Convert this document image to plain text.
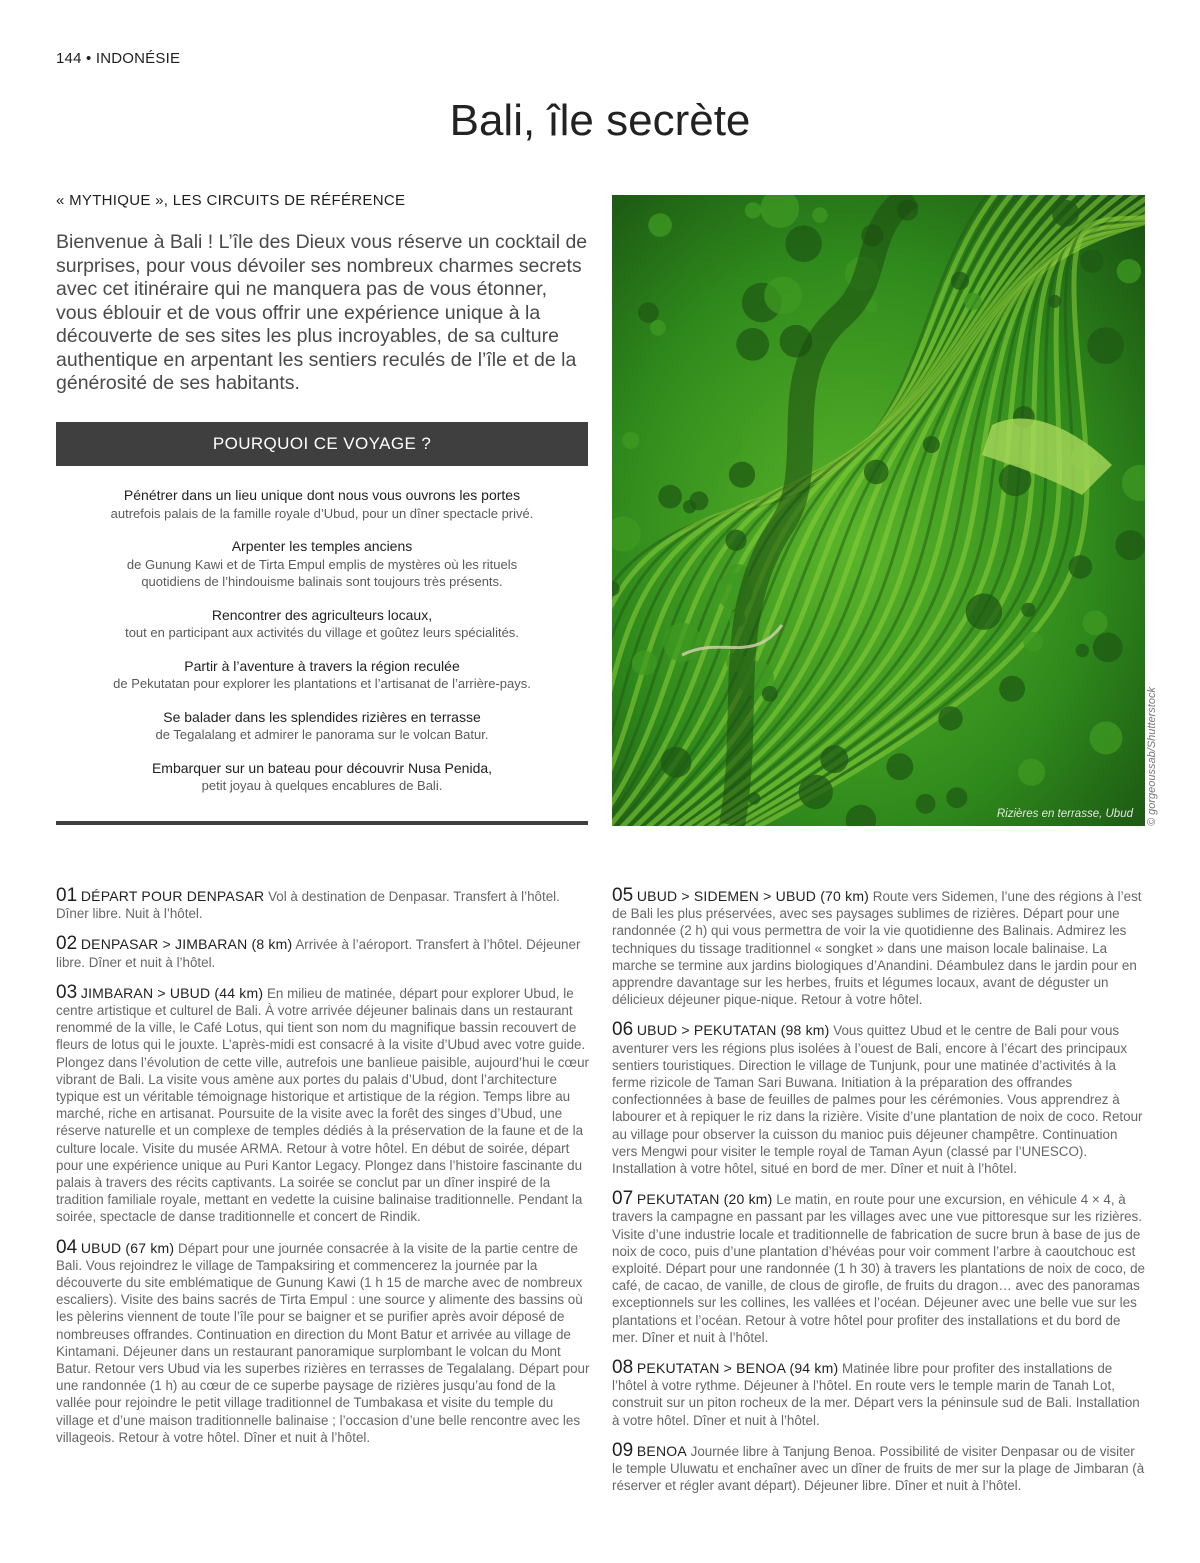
144 • INDONÉSIE
Bali, île secrète
« MYTHIQUE », LES CIRCUITS DE RÉFÉRENCE

Bienvenue à Bali ! L’île des Dieux vous réserve un cocktail de surprises, pour vous dévoiler ses nombreux charmes secrets avec cet itinéraire qui ne manquera pas de vous étonner, vous éblouir et de vous offrir une expérience unique à la découverte de ses sites les plus incroyables, de sa culture authentique en arpentant les sentiers reculés de l’île et de la générosité de ses habitants.

POURQUOI CE VOYAGE ?
Pénétrer dans un lieu unique dont nous vous ouvrons les portes
autrefois palais de la famille royale d’Ubud, pour un dîner spectacle privé.
Arpenter les temples anciens
de Gunung Kawi et de Tirta Empul emplis de mystères où les rituels quotidiens de l’hindouisme balinais sont toujours très présents.
Rencontrer des agriculteurs locaux,
tout en participant aux activités du village et goûtez leurs spécialités.
Partir à l’aventure à travers la région reculée
de Pekutatan pour explorer les plantations et l’artisanat de l’arrière-pays.
Se balader dans les splendides rizières en terrasse
de Tegalalang et admirer le panorama sur le volcan Batur.
Embarquer sur un bateau pour découvrir Nusa Penida,
petit joyau à quelques encablures de Bali.
Rizières en terrasse, Ubud © gorgeoussab/Shutterstock
01 DÉPART POUR DENPASAR Vol à destination de Denpasar. Transfert à l’hôtel. Dîner libre. Nuit à l’hôtel.
02 DENPASAR > JIMBARAN (8 km) Arrivée à l’aéroport. Transfert à l’hôtel. Déjeuner libre. Dîner et nuit à l’hôtel.
03 JIMBARAN > UBUD (44 km) En milieu de matinée, départ pour explorer Ubud, le centre artistique et culturel de Bali. À votre arrivée déjeuner balinais dans un restaurant renommé de la ville, le Café Lotus, qui tient son nom du magnifique bassin recouvert de fleurs de lotus qui le jouxte. L’après-midi est consacré à la visite d’Ubud avec votre guide. Plongez dans l’évolution de cette ville, autrefois une banlieue paisible, aujourd’hui le cœur vibrant de Bali. La visite vous amène aux portes du palais d’Ubud, dont l’architecture typique est un véritable témoignage historique et artistique de la région. Temps libre au marché, riche en artisanat. Poursuite de la visite avec la forêt des singes d’Ubud, une réserve naturelle et un complexe de temples dédiés à la préservation de la faune et de la culture locale. Visite du musée ARMA. Retour à votre hôtel. En début de soirée, départ pour une expérience unique au Puri Kantor Legacy. Plongez dans l’histoire fascinante du palais à travers des récits captivants. La soirée se conclut par un dîner inspiré de la tradition familiale royale, mettant en vedette la cuisine balinaise traditionnelle. Pendant la soirée, spectacle de danse traditionnelle et concert de Rindik.
04 UBUD (67 km) Départ pour une journée consacrée à la visite de la partie centre de Bali. Vous rejoindrez le village de Tampaksiring et commencerez la journée par la découverte du site emblématique de Gunung Kawi (1 h 15 de marche avec de nombreux escaliers). Visite des bains sacrés de Tirta Empul : une source y alimente des bassins où les pèlerins viennent de toute l’île pour se baigner et se purifier après avoir déposé de nombreuses offrandes. Continuation en direction du Mont Batur et arrivée au village de Kintamani. Déjeuner dans un restaurant panoramique surplombant le volcan du Mont Batur. Retour vers Ubud via les superbes rizières en terrasses de Tegalalang. Départ pour une randonnée (1 h) au cœur de ce superbe paysage de rizières jusqu’au fond de la vallée pour rejoindre le petit village traditionnel de Tumbakasa et visite du temple du village et d’une maison traditionnelle balinaise ; l’occasion d’une belle rencontre avec les villageois. Retour à votre hôtel. Dîner et nuit à l’hôtel.
05 UBUD > SIDEMEN > UBUD (70 km) Route vers Sidemen, l’une des régions à l’est de Bali les plus préservées, avec ses paysages sublimes de rizières. Départ pour une randonnée (2 h) qui vous permettra de voir la vie quotidienne des Balinais. Admirez les techniques du tissage traditionnel « songket » dans une maison locale balinaise. La marche se termine aux jardins biologiques d’Anandini. Déambulez dans le jardin pour en apprendre davantage sur les herbes, fruits et légumes locaux, avant de déguster un délicieux déjeuner pique-nique. Retour à votre hôtel.
06 UBUD > PEKUTATAN (98 km) Vous quittez Ubud et le centre de Bali pour vous aventurer vers les régions plus isolées à l’ouest de Bali, encore à l’écart des principaux sentiers touristiques. Direction le village de Tunjunk, pour une matinée d’activités à la ferme rizicole de Taman Sari Buwana. Initiation à la préparation des offrandes confectionnées à base de feuilles de palmes pour les cérémonies. Vous apprendrez à labourer et à repiquer le riz dans la rizière. Visite d’une plantation de noix de coco. Retour au village pour observer la cuisson du manioc puis déjeuner champêtre. Continuation vers Mengwi pour visiter le temple royal de Taman Ayun (classé par l’UNESCO). Installation à votre hôtel, situé en bord de mer. Dîner et nuit à l’hôtel.
07 PEKUTATAN (20 km) Le matin, en route pour une excursion, en véhicule 4 × 4, à travers la campagne en passant par les villages avec une vue pittoresque sur les rizières. Visite d’une industrie locale et traditionnelle de fabrication de sucre brun à base de jus de noix de coco, puis d’une plantation d’hévéas pour voir comment l’arbre à caoutchouc est exploité. Départ pour une randonnée (1 h 30) à travers les plantations de noix de coco, de café, de cacao, de vanille, de clous de girofle, de fruits du dragon… avec des panoramas exceptionnels sur les collines, les vallées et l’océan. Déjeuner avec une belle vue sur les plantations et l’océan. Retour à votre hôtel pour profiter des installations et du bord de mer. Dîner et nuit à l’hôtel.
08 PEKUTATAN > BENOA (94 km) Matinée libre pour profiter des installations de l’hôtel à votre rythme. Déjeuner à l’hôtel. En route vers le temple marin de Tanah Lot, construit sur un piton rocheux de la mer. Départ vers la péninsule sud de Bali. Installation à votre hôtel. Dîner et nuit à l’hôtel.
09 BENOA Journée libre à Tanjung Benoa. Possibilité de visiter Denpasar ou de visiter le temple Uluwatu et enchaîner avec un dîner de fruits de mer sur la plage de Jimbaran (à réserver et régler avant départ). Déjeuner libre. Dîner et nuit à l’hôtel.
